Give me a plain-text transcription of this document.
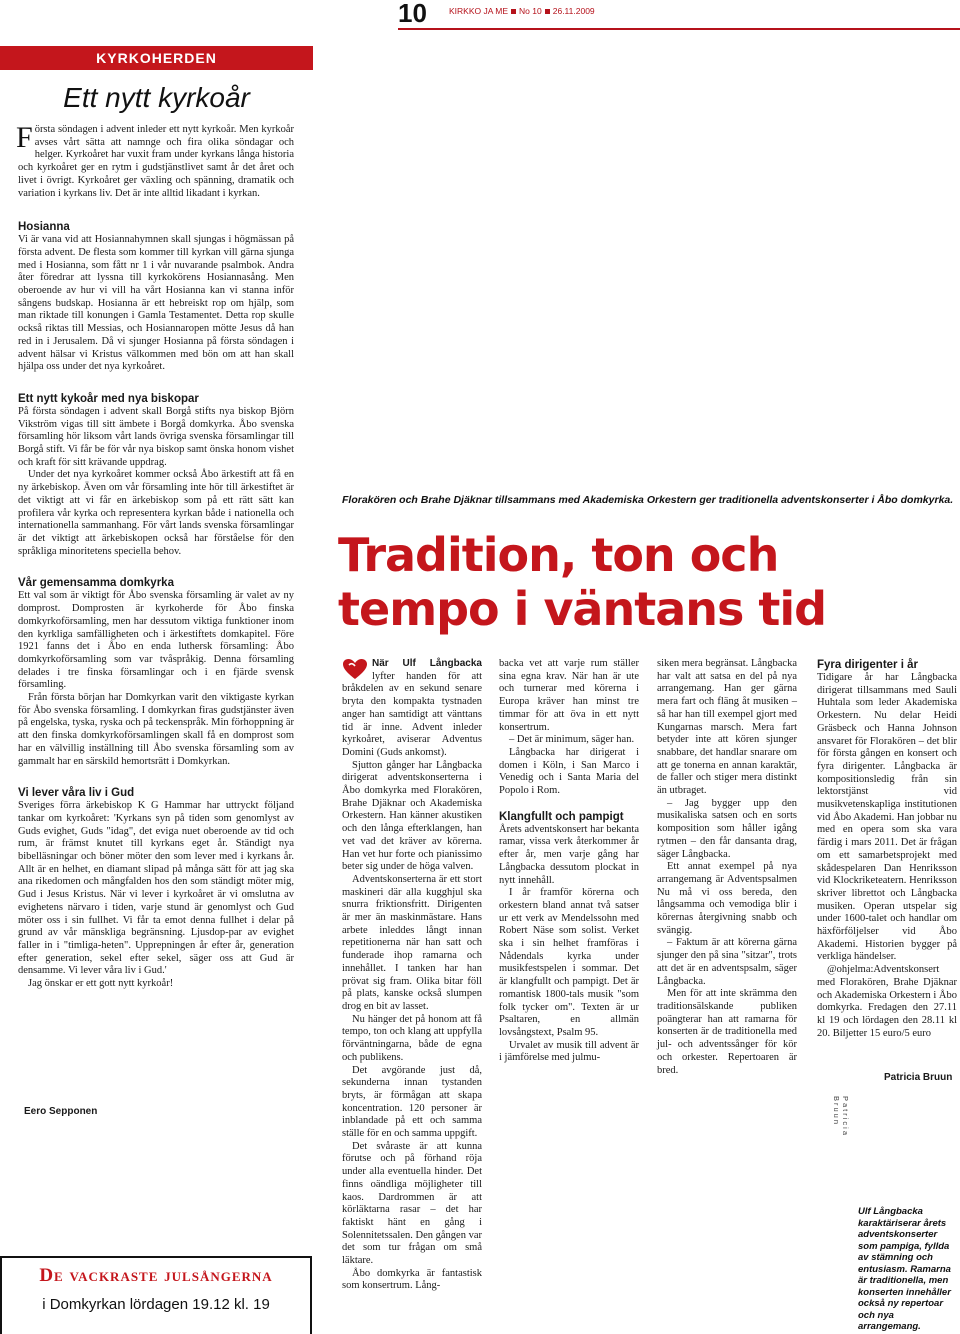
10	KIRKKO JA ME No 10 26.11.2009
KYRKOHERDEN
Ett nytt kyrkoår

Första söndagen i advent inleder ett nytt kyrkoår. Men kyrkoår avses vårt sätta att namnge och fira olika söndagar och helger. Kyrkoåret har vuxit fram under kyrkans långa historia och kyrkoåret ger en rytm i gudstjänstlivet samt år det året och livet i övrigt. Kyrkoåret ger växling och spänning, dramatik och variation i kyrkans liv. Det är inte alltid likadant i kyrkan.

Hosianna

Vi är vana vid att Hosiannahymnen skall sjungas i högmässan på första advent. De flesta som kommer till kyrkan vill gärna sjunga med i Hosianna, som fått nr 1 i vår nuvarande psalmbok. Andra åter föredrar att lyssna till kyrkokörens Hosiannasång. Men oberoende av hur vi vill ha vårt Hosianna kan vi stanna inför sångens budskap. Hosianna är ett hebreiskt rop om hjälp, som man riktade till konungen i Gamla Testamentet. Detta rop skulle också riktas till Messias, och Hosiannaropen mötte Jesus då han red in i Jerusalem. Då vi sjunger Hosianna på första söndagen i advent hälsar vi Kristus välkommen med bön om att han skall hjälpa oss under det nya kyrkoåret.

Ett nytt kykoår med nya biskopar

På första söndagen i advent skall Borgå stifts nya biskop Björn Vikström vigas till sitt ämbete i Borgå domkyrka. Åbo svenska församling hör liksom vårt lands övriga svenska församlingar till Borgå stift. Vi får be för vår nya biskop samt önska honom vishet och kraft för sitt krävande uppdrag.

Under det nya kyrkoåret kommer också Åbo ärkestift att få en ny ärkebiskop. Även om vår församling inte hör till ärkestiftet är det viktigt att vi får en ärkebiskop som på ett rätt sätt kan profilera vår kyrka och representera kyrkan både i nationella och internationella sammanhang. För vårt lands svenska församlingar är det viktigt att ärkebiskopen också har förståelse för den språkliga minoritetens speciella behov.

Vår gemensamma domkyrka

Ett val som är viktigt för Åbo svenska församling är valet av ny domprost. Domprosten är kyrkoherde för Åbo finska domkyrkoförsamling, men har dessutom viktiga funktioner inom den kyrkliga samfälligheten och i ärkestiftets domkapitel. Före 1921 fanns det i Åbo en enda luthersk församling: Åbo domkyrkoförsamling som var tvåspråkig. Denna församling delades i tre finska församlingar och i en fjärde svensk församling.

Från första början har Domkyrkan varit den viktigaste kyrkan för Åbo svenska församling. I domkyrkan firas gudstjänster även på engelska, tyska, ryska och på teckenspråk. Min förhoppning är att den finska domkyrkoförsamlingen skall få en domprost som har en välvillig inställning till Åbo svenska församling som av gammalt har en särskild hemortsrätt i Domkyrkan.

Vi lever våra liv i Gud

Sveriges förra ärkebiskop K G Hammar har uttryckt följand tankar om kyrkoåret: 'Kyrkans syn på tiden som genomlyst av Guds evighet, Guds "idag", det eviga nuet oberoende av tid och rum, är främst knutet till kyrkans eget år. Ständigt nya bibelläsningar och böner möter den som lever med i kyrkans år. Allt är en helhet, en diamant slipad på många sätt för att jag ska ana rikedomen och mångfalden hos den som ständigt möter mig, Gud i Jesus Kristus. När vi lever i kyrkoåret är vi omslutna av evighetens närvaro i tiden, varje stund är genomlyst och Gud möter oss i sin fullhet. Vi får ta emot denna fullhet i delar på grund av vår mänskliga begränsning. Ljusdop-par av evighet faller in i "timliga-heten". Upprepningen år efter år, generation efter generation, sekel efter sekel, säger oss att Gud är densamme. Vi lever våra liv i Gud.'

Jag önskar er ett gott nytt kyrkoår!

Eero Sepponen
De vackraste julsångerna
i Domkyrkan lördagen 19.12 kl. 19
Florakören och Brahe Djäknar tillsammans med Akademiska Orkestern ger traditionella adventskonserter i Åbo domkyrka.
Tradition, ton och tempo i väntans tid

När Ulf Långbacka lyfter handen för att bråkdelen av en sekund senare bryta den kompakta tystnaden anger han samtidigt att vänttans tid är inne. Advent inleder kyrkoåret, aviserar Adventus Domini (Guds ankomst).

Sjutton gånger har Långbacka dirigerat adventskonserterna i Åbo domkyrka med Florakören, Brahe Djäknar och Akademiska Orkestern. Han känner akustiken och den långa efterklangen, han vet vad det kräver av körerna. Han vet hur forte och pianissimo beter sig under de höga valven.

Adventskonserterna är ett stort maskineri där alla kugghjul ska snurra friktionsfritt. Dirigenten är mer än maskinmästare. Hans arbete inleddes långt innan repetitionerna när han satt och funderade ihop ramarna och innehållet. I tanken har han prövat sig fram. Olika bitar föll på plats, kanske också slumpen drog en bit av lasset.

Nu hänger det på honom att få tempo, ton och klang att uppfylla förväntningarna, både de egna och publikens.

Det avgörande just då, sekunderna innan tystanden bryts, är förmågan att skapa koncentration. 120 personer är inblandade på ett och samma ställe för en och samma uppgift.

Det svåraste är att kunna förutse och på förhand röja under alla eventuella hinder. Det finns oändliga möjligheter till kaos. Dardrommen är att körläktarna rasar – det har faktiskt hänt en gång i Solennitetssalen. Den gången var det som tur frågan om små läktare.

Åbo domkyrka är fantastisk som konsertrum. Lång-

backa vet att varje rum ställer sina egna krav. När han är ute och turnerar med körerna i Europa kräver han minst tre timmar för att öva in ett nytt konsertrum.

– Det är minimum, säger han.

Långbacka har dirigerat i domen i Köln, i San Marco i Venedig och i Santa Maria del Popolo i Rom.

Klangfullt och pampigt

Årets adventskonsert har bekanta ramar, vissa verk återkommer år efter år, men varje gång har Långbacka dessutom plockat in nytt innehåll.

I år framför körerna och orkestern bland annat två satser ur ett verk av Mendelssohn med Robert Näse som solist. Verket ska i sin helhet framföras i Nådendals kyrka under musikfestspelen i sommar. Det är klangfullt och pampigt. Det är romantisk 1800-tals musik "som folk tycker om". Texten är ur Psaltaren, en allmän lovsångstext, Psalm 95.

Urvalet av musik till advent är i jämförelse med julmu-

siken mera begränsat. Långbacka har valt att satsa en del på nya arrangemang. Han ger gärna mera fart och fläng åt musiken – så har han till exempel gjort med Kungarnas marsch. Mera fart betyder inte att kören sjunger snabbare, det handlar snarare om att ge tonerna en annan karaktär, de faller och stiger mera distinkt än utbraget.

– Jag bygger upp den musikaliska satsen och en sorts komposition som håller igång rytmen – den får dansanta drag, säger Långbacka.

Ett annat exempel på nya arrangemang är Adventspsalmen Nu må vi oss bereda, den långsamma och vemodiga blir i körernas återgivning snabb och svängig.

– Faktum är att körerna gärna sjunger den på sina "sitzar", trots att det är en adventspsalm, säger Långbacka.

Men för att inte skrämma den traditionsälskande publiken poängterar han att ramarna för konserten är de traditionella med jul- och adventssånger för kör och orkester. Repertoaren är bred.

Fyra dirigenter i år

Tidigare år har Långbacka dirigerat tillsammans med Sauli Huhtala som leder Akademiska Orkestern. Nu delar Heidi Gräsbeck och Hanna Johnson ansvaret för Florakören – det blir för första gången en konsert och fyra dirigenter. Långbacka är kompositionsledig från sin lektorstjänst vid musikvetenskapliga institutionen vid Åbo Akademi. Han jobbar nu med en opera som ska vara färdig i mars 2011. Det är frågan om ett samarbetsprojekt med skådespelaren Dan Henriksson vid Klockriketeatern. Henriksson skriver librettot och Långbacka musiken. Operan utspelar sig under 1600-talet och handlar om häxförföljelser vid Åbo Akademi. Historien bygger på verkliga händelser.

@ohjelma:Adventskonsert med Florakören, Brahe Djäknar och Akademiska Orkestern i Åbo domkyrka. Fredagen den 27.11 kl 19 och lördagen den 28.11 kl 20. Biljetter 15 euro/5 euro

Patricia Bruun
Patricia Bruun
Ulf Långbacka karaktäriserar årets adventskonserter som pampiga, fyllda av stämning och entusiasm. Ramarna är traditionella, men konserten innehåller också ny repertoar och nya arrangemang.
